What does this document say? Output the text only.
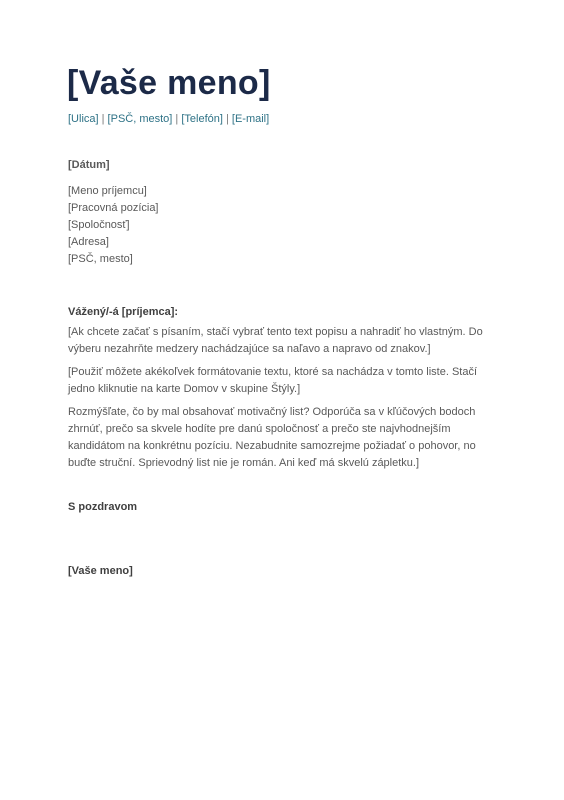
[Vaše meno]
[Ulica] | [PSČ, mesto] | [Telefón] | [E-mail]
[Dátum]
[Meno príjemcu]
[Pracovná pozícia]
[Spoločnosť]
[Adresa]
[PSČ, mesto]
Vážený/-á [príjemca]:

[Ak chcete začať s písaním, stačí vybrať tento text popisu a nahradiť ho vlastným. Do výberu nezahrňte medzery nachádzajúce sa naľavo a napravo od znakov.]

[Použiť môžete akékoľvek formátovanie textu, ktoré sa nachádza v tomto liste. Stačí jedno kliknutie na karte Domov v skupine Štýly.]

Rozmýšľate, čo by mal obsahovať motivačný list? Odporúča sa v kľúčových bodoch zhrnúť, prečo sa skvele hodíte pre danú spoločnosť a prečo ste najvhodnejším kandidátom na konkrétnu pozíciu. Nezabudnite samozrejme požiadať o pohovor, no buďte struční. Sprievodný list nie je román. Ani keď má skvelú zápletku.]

S pozdravom
[Vaše meno]
